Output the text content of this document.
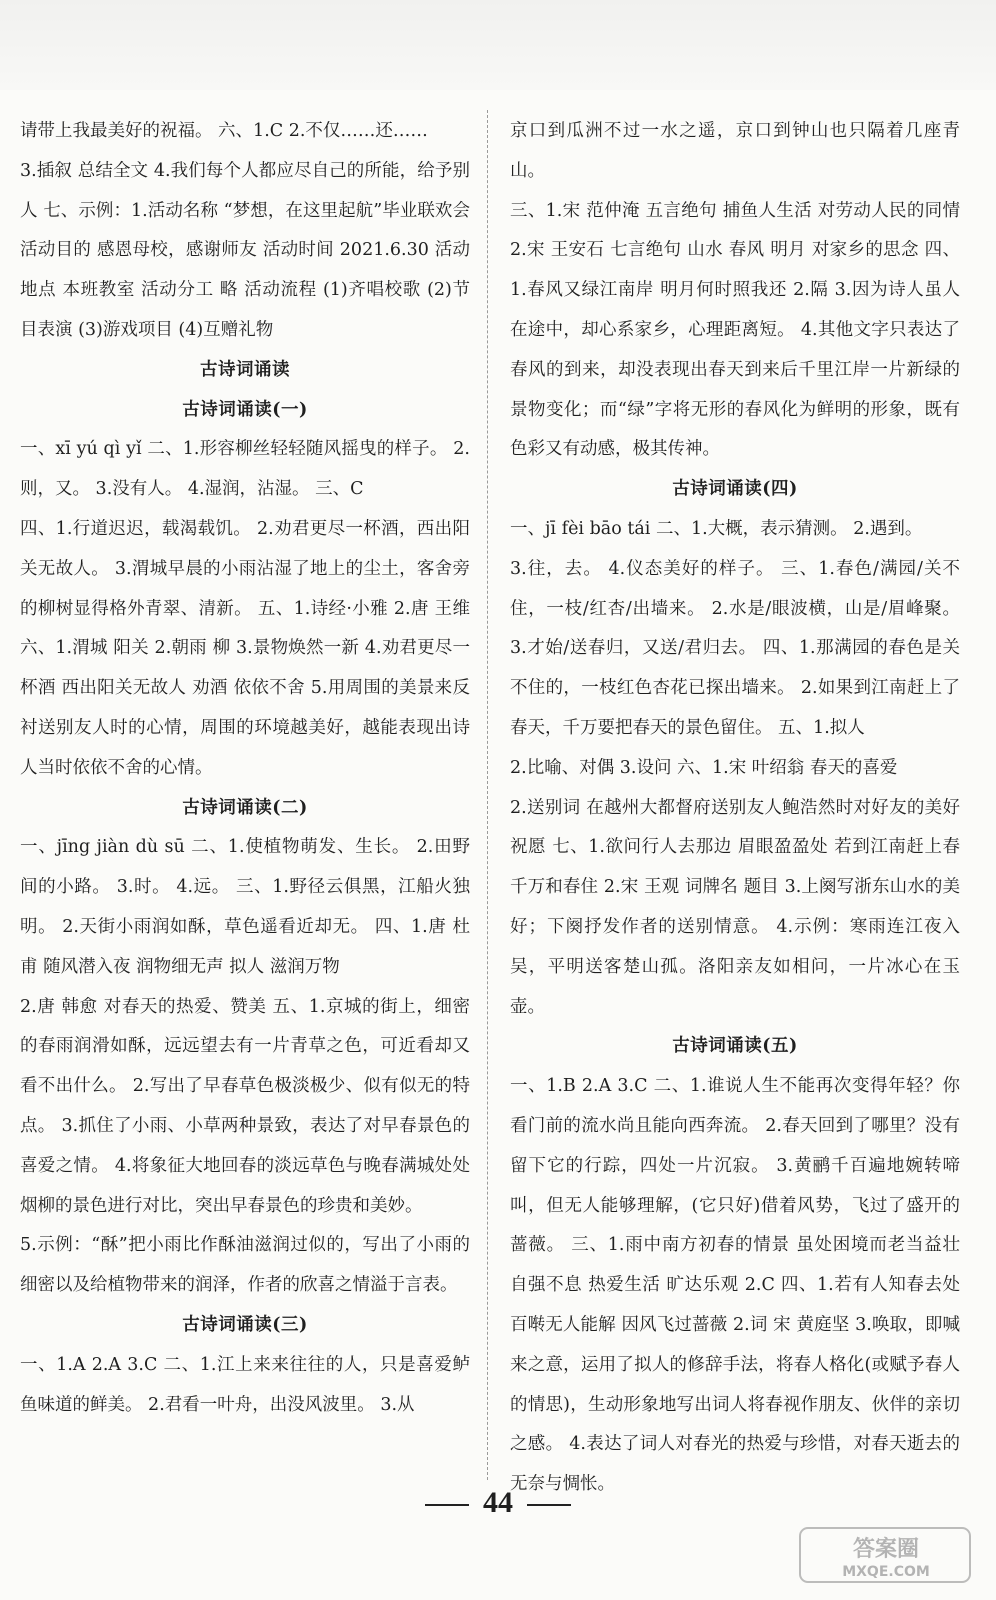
请带上我最美好的祝福。 六、1.C 2.不仅……还……

3.插叙 总结全文 4.我们每个人都应尽自己的所能，给予别人 七、示例：1.活动名称 “梦想，在这里起航”毕业联欢会 活动目的 感恩母校，感谢师友 活动时间 2021.6.30 活动地点 本班教室 活动分工 略 活动流程 (1)齐唱校歌 (2)节目表演 (3)游戏项目 (4)互赠礼物

古诗词诵读

古诗词诵读(一)

一、xī yú qì yǐ 二、1.形容柳丝轻轻随风摇曳的样子。 2.则，又。 3.没有人。 4.湿润，沾湿。 三、C

四、1.行道迟迟，载渴载饥。 2.劝君更尽一杯酒，西出阳关无故人。 3.渭城早晨的小雨沾湿了地上的尘土，客舍旁的柳树显得格外青翠、清新。 五、1.诗经·小雅 2.唐 王维 六、1.渭城 阳关 2.朝雨 柳 3.景物焕然一新 4.劝君更尽一杯酒 西出阳关无故人 劝酒 依依不舍 5.用周围的美景来反衬送别友人时的心情，周围的环境越美好，越能表现出诗人当时依依不舍的心情。

古诗词诵读(二)

一、jīng jiàn dù sū 二、1.使植物萌发、生长。 2.田野间的小路。 3.时。 4.远。 三、1.野径云俱黑，江船火独明。 2.天街小雨润如酥，草色遥看近却无。 四、1.唐 杜甫 随风潜入夜 润物细无声 拟人 滋润万物

2.唐 韩愈 对春天的热爱、赞美 五、1.京城的街上，细密的春雨润滑如酥，远远望去有一片青草之色，可近看却又看不出什么。 2.写出了早春草色极淡极少、似有似无的特点。 3.抓住了小雨、小草两种景致，表达了对早春景色的喜爱之情。 4.将象征大地回春的淡远草色与晚春满城处处烟柳的景色进行对比，突出早春景色的珍贵和美妙。

5.示例：“酥”把小雨比作酥油滋润过似的，写出了小雨的细密以及给植物带来的润泽，作者的欣喜之情溢于言表。

古诗词诵读(三)

一、1.A 2.A 3.C 二、1.江上来来往往的人，只是喜爱鲈鱼味道的鲜美。 2.君看一叶舟，出没风波里。 3.从

京口到瓜洲不过一水之遥，京口到钟山也只隔着几座青山。

三、1.宋 范仲淹 五言绝句 捕鱼人生活 对劳动人民的同情 2.宋 王安石 七言绝句 山水 春风 明月 对家乡的思念 四、1.春风又绿江南岸 明月何时照我还 2.隔 3.因为诗人虽人在途中，却心系家乡，心理距离短。 4.其他文字只表达了春风的到来，却没表现出春天到来后千里江岸一片新绿的景物变化；而“绿”字将无形的春风化为鲜明的形象，既有色彩又有动感，极其传神。

古诗词诵读(四)

一、jī fèi bāo tái 二、1.大概，表示猜测。 2.遇到。

3.往，去。 4.仪态美好的样子。 三、1.春色/满园/关不住，一枝/红杏/出墙来。 2.水是/眼波横，山是/眉峰聚。 3.才始/送春归，又送/君归去。 四、1.那满园的春色是关不住的，一枝红色杏花已探出墙来。 2.如果到江南赶上了春天，千万要把春天的景色留住。 五、1.拟人

2.比喻、对偶 3.设问 六、1.宋 叶绍翁 春天的喜爱

2.送别词 在越州大都督府送别友人鲍浩然时对好友的美好祝愿 七、1.欲问行人去那边 眉眼盈盈处 若到江南赶上春 千万和春住 2.宋 王观 词牌名 题目 3.上阕写浙东山水的美好；下阕抒发作者的送别情意。 4.示例：寒雨连江夜入吴，平明送客楚山孤。洛阳亲友如相问，一片冰心在玉壶。

古诗词诵读(五)

一、1.B 2.A 3.C 二、1.谁说人生不能再次变得年轻？你看门前的流水尚且能向西奔流。 2.春天回到了哪里？没有留下它的行踪，四处一片沉寂。 3.黄鹂千百遍地婉转啼叫，但无人能够理解，(它只好)借着风势，飞过了盛开的蔷薇。 三、1.雨中南方初春的情景 虽处困境而老当益壮 自强不息 热爱生活 旷达乐观 2.C 四、1.若有人知春去处 百啭无人能解 因风飞过蔷薇 2.词 宋 黄庭坚 3.唤取，即喊来之意，运用了拟人的修辞手法，将春人格化(或赋予春人的情思)，生动形象地写出词人将春视作朋友、伙伴的亲切之感。 4.表达了词人对春光的热爱与珍惜，对春天逝去的无奈与惆怅。

44
答案圈
MXQE.COM
